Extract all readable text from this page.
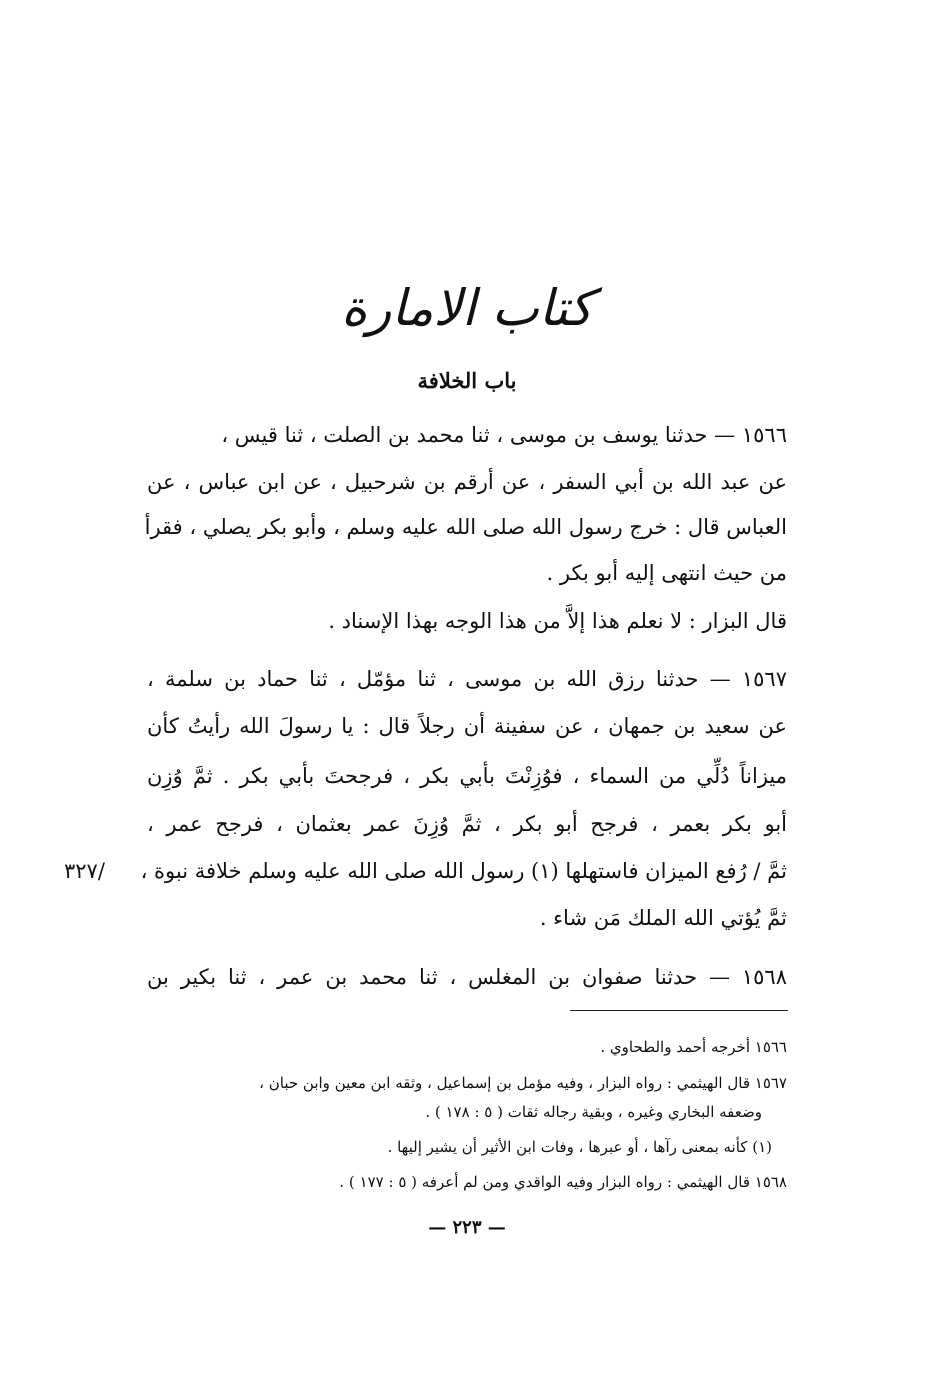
كتاب الامارة
باب الخلافة
١٥٦٦ — حدثنا يوسف بن موسى ، ثنا محمد بن الصلت ، ثنا قيس ،
عن عبد الله بن أبي السفر ، عن أرقم بن شرحبيل ، عن ابن عباس ، عن
العباس قال : خرج رسول الله صلى الله عليه وسلم ، وأبو بكر يصلي ، فقرأ
من حيث انتهى إليه أبو بكر .
قال البزار : لا نعلم هذا إلاَّ من هذا الوجه بهذا الإسناد .
١٥٦٧ — حدثنا رزق الله بن موسى ، ثنا مؤمّل ، ثنا حماد بن سلمة ،
عن سعيد بن جمهان ، عن سفينة أن رجلاً قال : يا رسولَ الله رأيتُ كأن
ميزاناً دُلِّي من السماء ، فوُزِنْتَ بأبي بكر ، فرجحتَ بأبي بكر . ثمَّ وُزِن
أبو بكر بعمر ، فرجح أبو بكر ، ثمَّ وُزِنَ عمر بعثمان ، فرجح عمر ،
ثمَّ / رُفع الميزان فاستهلها (١) رسول الله صلى الله عليه وسلم خلافة نبوة ،
ثمَّ يُؤتي الله الملك مَن شاء .
٣٢٧/
١٥٦٨ — حدثنا صفوان بن المغلس ، ثنا محمد بن عمر ، ثنا بكير بن
١٥٦٦ أخرجه أحمد والطحاوي .
١٥٦٧ قال الهيثمي : رواه البزار ، وفيه مؤمل بن إسماعيل ، وثقه ابن معين وابن حبان ،
وضعفه البخاري وغيره ، وبقية رجاله ثقات ( ٥ : ١٧٨ ) .
(١) كأنه بمعنى رآها ، أو عبرها ، وفات ابن الأثير أن يشير إليها .
١٥٦٨ قال الهيثمي : رواه البزار وفيه الواقدي ومن لم أعرفه ( ٥ : ١٧٧ ) .
— ٢٢٣ —
